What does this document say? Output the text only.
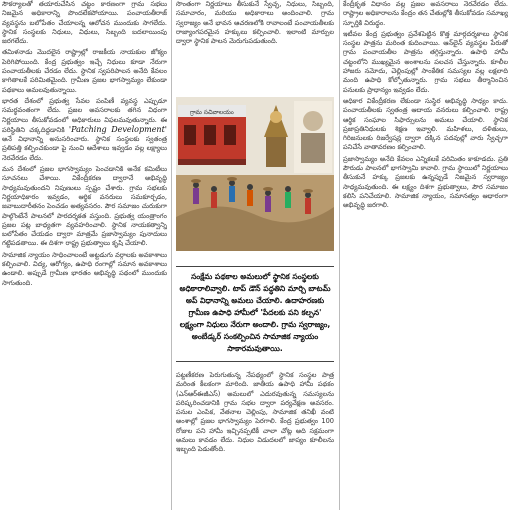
సౌకర్యాలతో తయారుచేసిన చట్టం కారణంగా గ్రామ సభలు నిజమైన అధికారాన్ని పొందలేకపోయాయి. పంచాయతీరాజ్ వ్యవస్థను బలోపేతం చేయాలన్న ఆలోచన ముందుకు సాగలేదు. స్థానిక సంస్థలకు నిధులు, విధులు, సిబ్బంది బదలాయింపు జరగలేదు.

తమిళనాడు మొదలైన రాష్ట్రాల్లో రాజకీయ నాయకుల జోక్యం పెరిగిపోయింది. కేంద్ర ప్రభుత్వం ఇచ్చే నిధులు కూడా నేరుగా పంచాయతీలకు చేరడం లేదు. స్థానిక స్వపరిపాలన అనేది కేవలం కాగితాలకే పరిమితమైంది. గ్రామీణ ప్రజల భాగస్వామ్యం లేకుండా పథకాలు అమలవుతున్నాయి.

భారత దేశంలో ప్రభుత్వ సేవల పంపిణీ వ్యవస్థ ఎప్పుడూ సమర్థవంతంగా లేదు. ప్రజల అవసరాలకు తగిన విధంగా నిర్ణయాలు తీసుకోవడంలో అధికారులు విఫలమవుతున్నారు. ఈ పరిస్థితిని చక్కదిద్దడానికి 'Patching Development' అనే విధానాన్ని అనుసరించారు. స్థానిక సంస్థలకు స్వతంత్ర ప్రతిపత్తి కల్పించకుండా పై నుంచి ఆదేశాలు ఇవ్వడం వల్ల లక్ష్యాలు నెరవేరడం లేదు.

మన దేశంలో ప్రజల భాగస్వామ్యం పెంచడానికి అనేక కమిటీలు సూచనలు చేశాయి. వికేంద్రీకరణ ద్వారానే అభివృద్ధి సాధ్యమవుతుందని నిపుణులు స్పష్టం చేశారు. గ్రామ సభలకు నిర్ణయాధికారం ఇవ్వడం, ఆర్థిక వనరులు సమకూర్చడం, జవాబుదారీతనం పెంచడం అత్యవసరం. పౌర సమాజం చురుకుగా పాల్గొంటేనే పాలనలో పారదర్శకత వస్తుంది. ప్రభుత్వ యంత్రాంగం ప్రజల పట్ల బాధ్యతగా వ్యవహరించాలి. స్థానిక నాయకత్వాన్ని బలోపేతం చేయడం ద్వారా మాత్రమే ప్రజాస్వామ్యం పునాదులు గట్టిపడతాయి. ఈ దిశగా రాష్ట్ర ప్రభుత్వాలు కృషి చేయాలి.

సామాజిక న్యాయం సాధించాలంటే అట్టడుగు వర్గాలకు అవకాశాలు కల్పించాలి. విద్య, ఆరోగ్యం, ఉపాధి రంగాల్లో సమాన అవకాశాలు ఉండాలి. అప్పుడే గ్రామీణ భారతం అభివృద్ధి పథంలో ముందుకు సాగుతుంది.

సొంతంగా నిర్ణయాలు తీసుకునే స్వేచ్ఛ, నిధులు, సిబ్బంది, సమాచారం, మరియు అధికారాలు అందించాలి. గ్రామ స్వరాజ్యం అనే భావన ఆచరణలోకి రావాలంటే పంచాయతీలకు రాజ్యాంగపరమైన హక్కులు కల్పించాలి. ఇలాంటి మార్పుల ద్వారా స్థానిక పాలన మెరుగుపడుతుంది.

గ్రామ సచివాలయం
సంక్షేమ పథకాల అమలులో స్థానిక సంస్థలకు అధికారాలివ్వాలి. టాప్ డౌన్ పద్ధతిని మార్చి బాటమ్ అప్ విధానాన్ని అమలు చేయాలి. ఉదాహరణకు గ్రామీణ ఉపాధి హామీలో 'పేదలకు పని కల్పన' లక్ష్యంగా నిధులు నేరుగా అందాలి. గ్రామ స్వరాజ్యం, అంబేడ్కర్ సంకల్పించిన సామాజిక న్యాయం సాకారమవుతాయి.

పట్టణీకరణ పెరుగుతున్న నేపథ్యంలో స్థానిక సంస్థల పాత్ర మరింత కీలకంగా మారింది. జాతీయ ఉపాధి హామీ పథకం (ఎన్ఆర్ఈజీఎస్) అమలులో ఎదురవుతున్న సమస్యలను పరిష్కరించడానికి గ్రామ సభల ద్వారా పర్యవేక్షణ అవసరం. పనుల ఎంపిక, వేతనాల చెల్లింపు, సామాజిక తనిఖీ వంటి అంశాల్లో ప్రజల భాగస్వామ్యం పెరగాలి. కేంద్ర ప్రభుత్వం 100 రోజుల పని హామీ ఇచ్చినప్పటికీ చాలా చోట్ల అది సక్రమంగా అమలు కావడం లేదు. నిధుల విడుదలలో జాప్యం కూలీలను ఇబ్బంది పెడుతోంది.

కేంద్రీకృత విధానం వల్ల ప్రజల అవసరాలు నెరవేరడం లేదు. రాష్ట్రాల అధికారాలను కేంద్రం తన చేతుల్లోకి తీసుకోవడం సమాఖ్య స్ఫూర్తికి విరుద్ధం.

ఇటీవల కేంద్ర ప్రభుత్వం ప్రవేశపెట్టిన కొత్త మార్గదర్శకాలు స్థానిక సంస్థల పాత్రను మరింత కుదించాయి. ఆన్‌లైన్ వ్యవస్థల పేరుతో గ్రామ పంచాయతీల పాత్రను తగ్గిస్తున్నారు. ఉపాధి హామీ చట్టంలోని ముఖ్యమైన అంశాలను పలచన చేస్తున్నారు. కూలీల హాజరు నమోదు, చెల్లింపుల్లో సాంకేతిక సమస్యల వల్ల లక్షలాది మంది ఉపాధి కోల్పోతున్నారు. గ్రామ సభలు తీర్మానించిన పనులకు ప్రాధాన్యం ఇవ్వడం లేదు.

అధికార వికేంద్రీకరణ లేకుండా సుస్థిర అభివృద్ధి సాధ్యం కాదు. పంచాయతీలకు స్వతంత్ర ఆదాయ వనరులు కల్పించాలి. రాష్ట్ర ఆర్థిక సంఘాల సిఫార్సులను అమలు చేయాలి. స్థానిక ప్రజాప్రతినిధులకు శిక్షణ ఇవ్వాలి. మహిళలు, దళితులు, గిరిజనులకు రిజర్వేషన్ల ద్వారా దక్కిన పదవుల్లో వారు స్వేచ్ఛగా పనిచేసే వాతావరణం కల్పించాలి.

ప్రజాస్వామ్యం అనేది కేవలం ఎన్నికలకే పరిమితం కాకూడదు. ప్రతి పౌరుడు పాలనలో భాగస్వామి కావాలి. గ్రామ స్థాయిలో నిర్ణయాలు తీసుకునే హక్కు ప్రజలకు ఉన్నప్పుడే నిజమైన స్వరాజ్యం సాధ్యమవుతుంది. ఈ లక్ష్యం దిశగా ప్రభుత్వాలు, పౌర సమాజం కలిసి పనిచేయాలి. సామాజిక న్యాయం, సమానత్వం ఆధారంగా అభివృద్ధి జరగాలి.
